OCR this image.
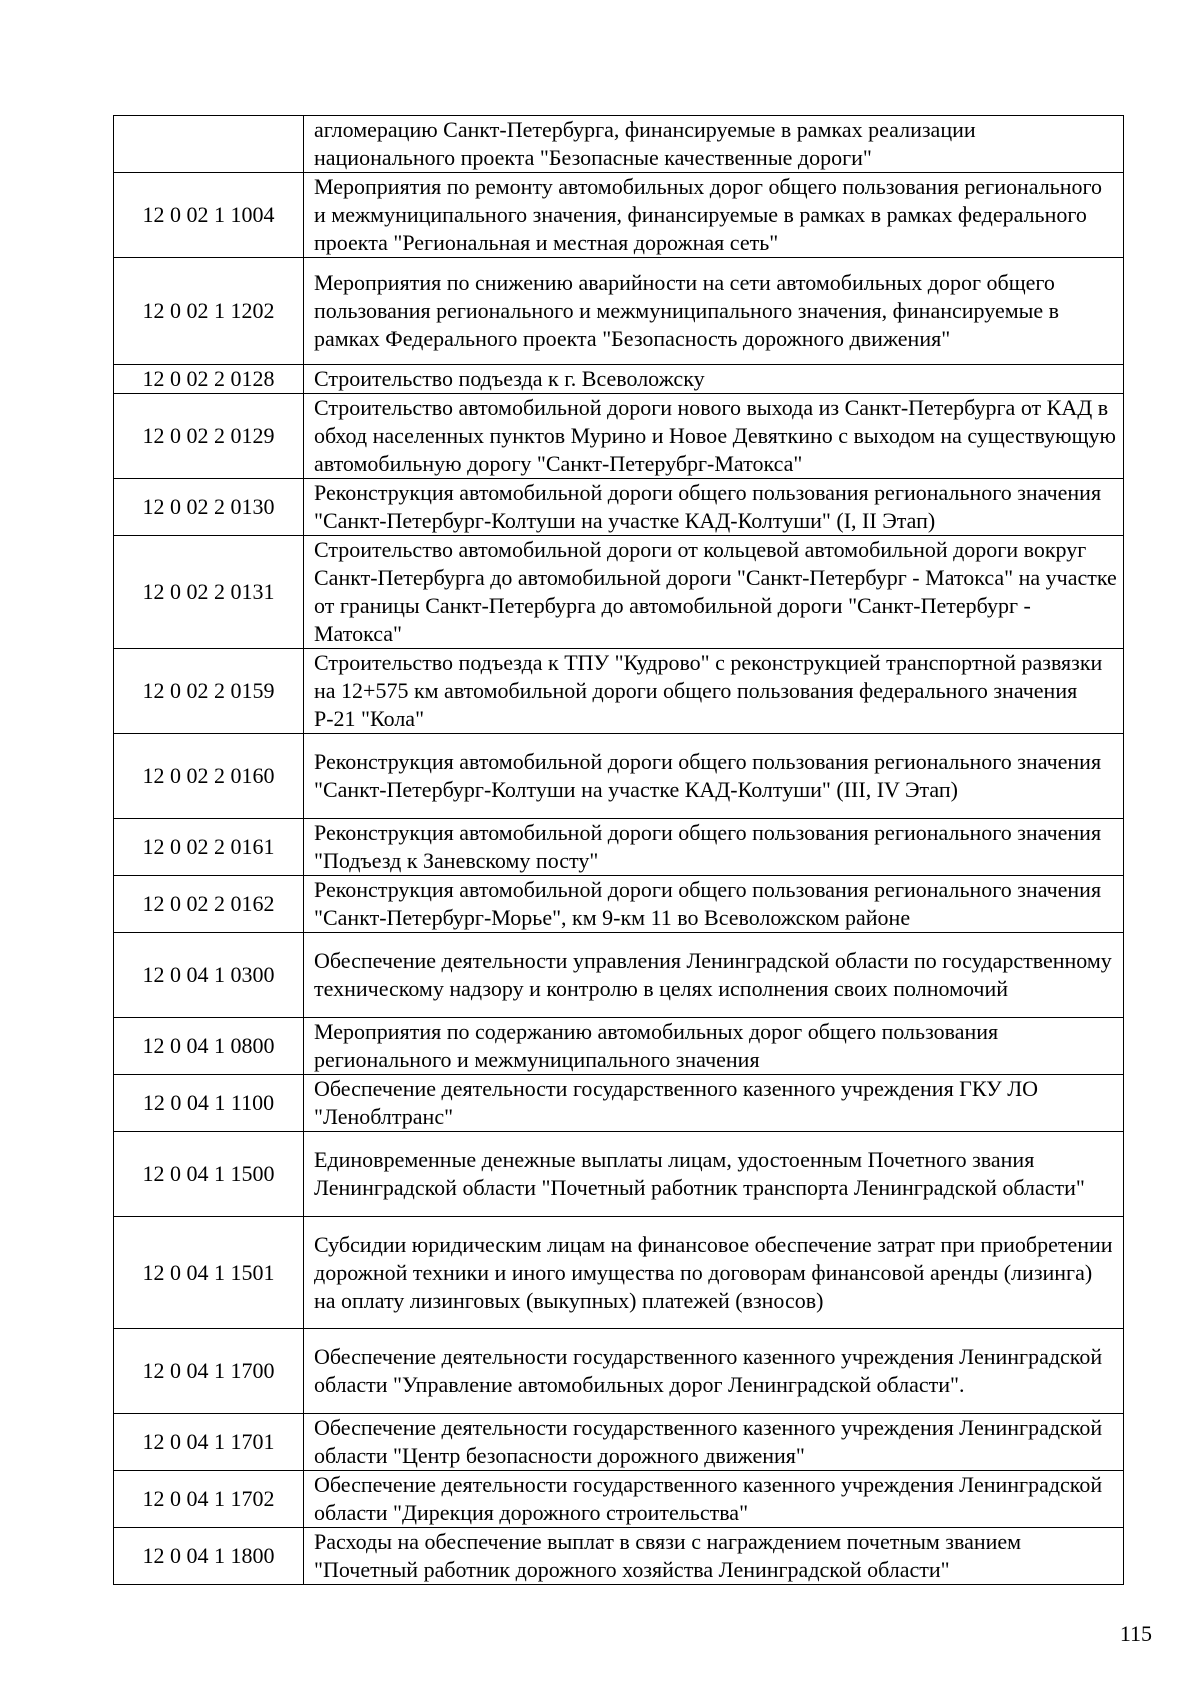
	агломерацию Санкт-Петербурга, финансируемые в рамках реализации национального проекта "Безопасные качественные дороги"
12 0 02 1 1004	Мероприятия по ремонту автомобильных дорог общего пользования регионального и межмуниципального значения, финансируемые в рамках в рамках федерального проекта "Региональная и местная дорожная сеть"
12 0 02 1 1202	Мероприятия по снижению аварийности на сети автомобильных дорог общего пользования регионального и межмуниципального значения, финансируемые в рамках Федерального проекта "Безопасность дорожного движения"
12 0 02 2 0128	Строительство подъезда к г. Всеволожску
12 0 02 2 0129	Строительство автомобильной дороги нового выхода из Санкт-Петербурга от КАД в обход населенных пунктов Мурино и Новое Девяткино с выходом на существующую автомобильную дорогу "Санкт-Петерубрг-Матокса"
12 0 02 2 0130	Реконструкция автомобильной дороги общего пользования регионального значения "Санкт-Петербург-Колтуши на участке КАД-Колтуши" (I, II Этап)
12 0 02 2 0131	Строительство автомобильной дороги от кольцевой автомобильной дороги вокруг Санкт-Петербурга до автомобильной дороги "Санкт-Петербург - Матокса" на участке от границы Санкт-Петербурга до автомобильной дороги "Санкт-Петербург - Матокса"
12 0 02 2 0159	Строительство подъезда к ТПУ "Кудрово" с реконструкцией транспортной развязки на 12+575 км автомобильной дороги общего пользования федерального значения Р-21 "Кола"
12 0 02 2 0160	Реконструкция автомобильной дороги общего пользования регионального значения "Санкт-Петербург-Колтуши на участке КАД-Колтуши" (III, IV Этап)
12 0 02 2 0161	Реконструкция автомобильной дороги общего пользования регионального значения "Подъезд к Заневскому посту"
12 0 02 2 0162	Реконструкция автомобильной дороги общего пользования регионального значения "Санкт-Петербург-Морье", км 9-км 11 во Всеволожском районе
12 0 04 1 0300	Обеспечение деятельности управления Ленинградской области по государственному техническому надзору и контролю в целях исполнения своих полномочий
12 0 04 1 0800	Мероприятия по содержанию автомобильных дорог общего пользования регионального и межмуниципального значения
12 0 04 1 1100	Обеспечение деятельности государственного казенного учреждения ГКУ ЛО "Леноблтранс"
12 0 04 1 1500	Единовременные денежные выплаты лицам, удостоенным Почетного звания Ленинградской области "Почетный работник транспорта Ленинградской области"
12 0 04 1 1501	Субсидии юридическим лицам на финансовое обеспечение затрат при приобретении дорожной техники и иного имущества по договорам финансовой аренды (лизинга) на оплату лизинговых (выкупных) платежей (взносов)
12 0 04 1 1700	Обеспечение деятельности государственного казенного учреждения Ленинградской области "Управление автомобильных дорог Ленинградской области".
12 0 04 1 1701	Обеспечение деятельности государственного казенного учреждения Ленинградской области "Центр безопасности дорожного движения"
12 0 04 1 1702	Обеспечение деятельности государственного казенного учреждения Ленинградской области "Дирекция дорожного строительства"
12 0 04 1 1800	Расходы на обеспечение выплат в связи с награждением почетным званием "Почетный работник дорожного хозяйства Ленинградской области"
115
